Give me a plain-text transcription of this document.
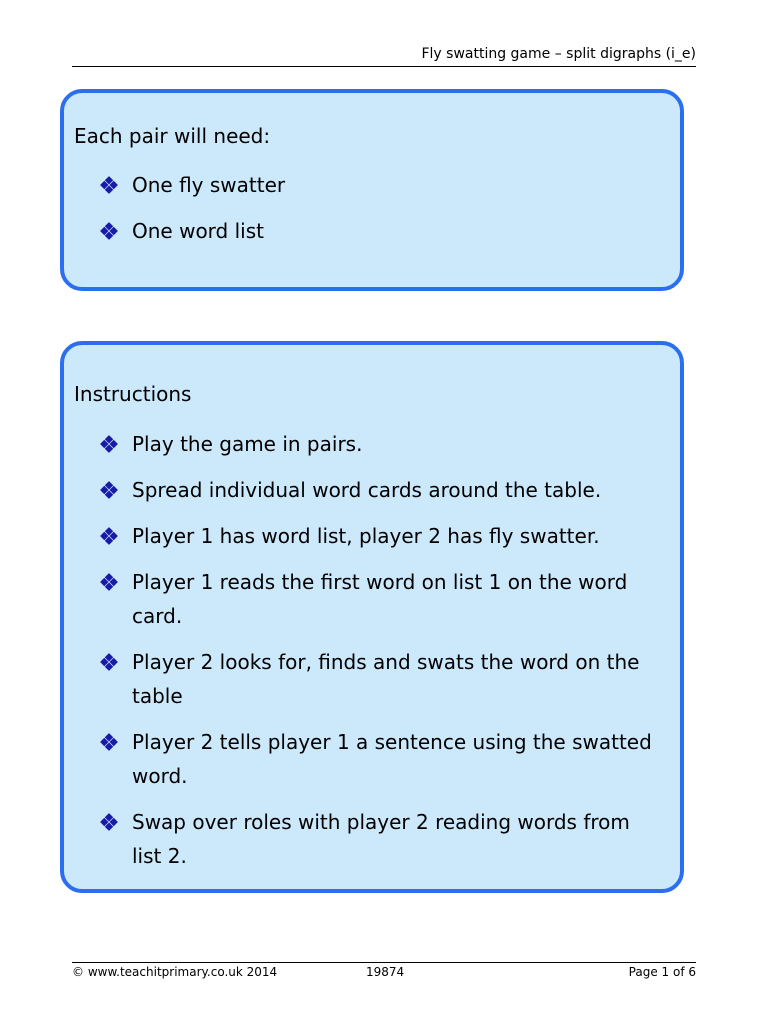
Fly swatting game – split digraphs (i_e)
Each pair will need:
One fly swatter
One word list
Instructions
Play the game in pairs.
Spread individual word cards around the table.
Player 1 has word list, player 2 has fly swatter.
Player 1 reads the first word on list 1 on the word card.
Player 2 looks for, finds and swats the word on the table
Player 2 tells player 1 a sentence using the swatted word.
Swap over roles with player 2 reading words from list 2.
© www.teachitprimary.co.uk 2014	19874	Page 1 of 6
